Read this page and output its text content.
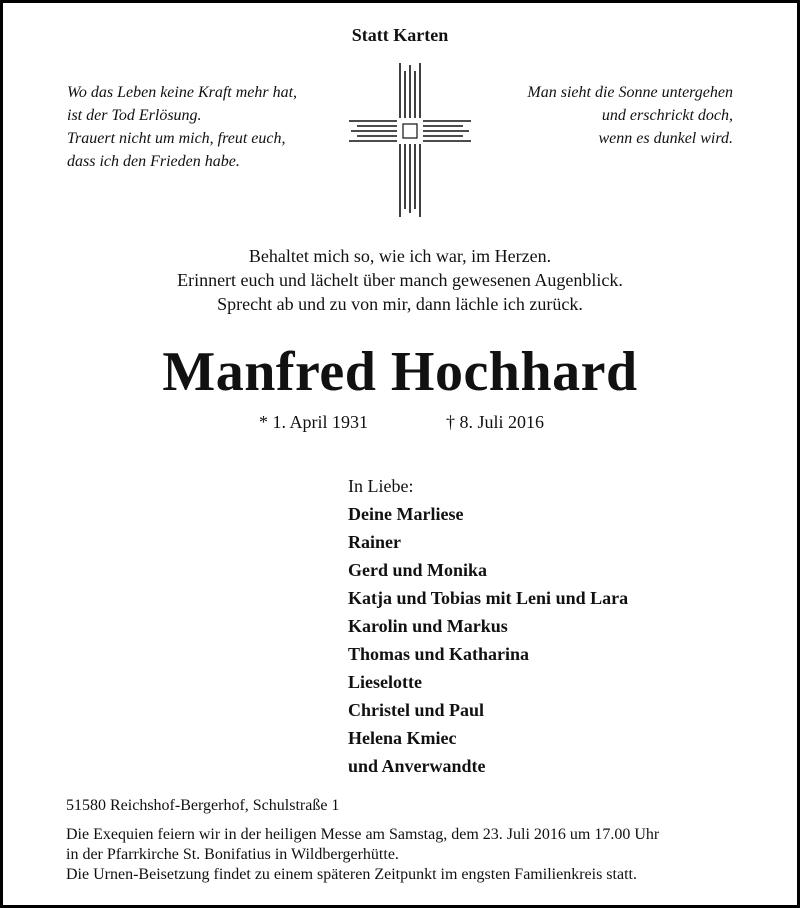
Statt Karten
Wo das Leben keine Kraft mehr hat,
ist der Tod Erlösung.
Trauert nicht um mich, freut euch,
dass ich den Frieden habe.
Man sieht die Sonne untergehen
und erschrickt doch,
wenn es dunkel wird.
Behaltet mich so, wie ich war, im Herzen.
Erinnert euch und lächelt über manch gewesenen Augenblick.
Sprecht ab und zu von mir, dann lächle ich zurück.
Manfred Hochhard
* 1. April 1931	† 8. Juli 2016
In Liebe:
Deine Marliese
Rainer
Gerd und Monika
Katja und Tobias mit Leni und Lara
Karolin und Markus
Thomas und Katharina
Lieselotte
Christel und Paul
Helena Kmiec
und Anverwandte
51580 Reichshof-Bergerhof, Schulstraße 1
Die Exequien feiern wir in der heiligen Messe am Samstag, dem 23. Juli 2016 um 17.00 Uhr
in der Pfarrkirche St. Bonifatius in Wildbergerhütte.
Die Urnen-Beisetzung findet zu einem späteren Zeitpunkt im engsten Familienkreis statt.
